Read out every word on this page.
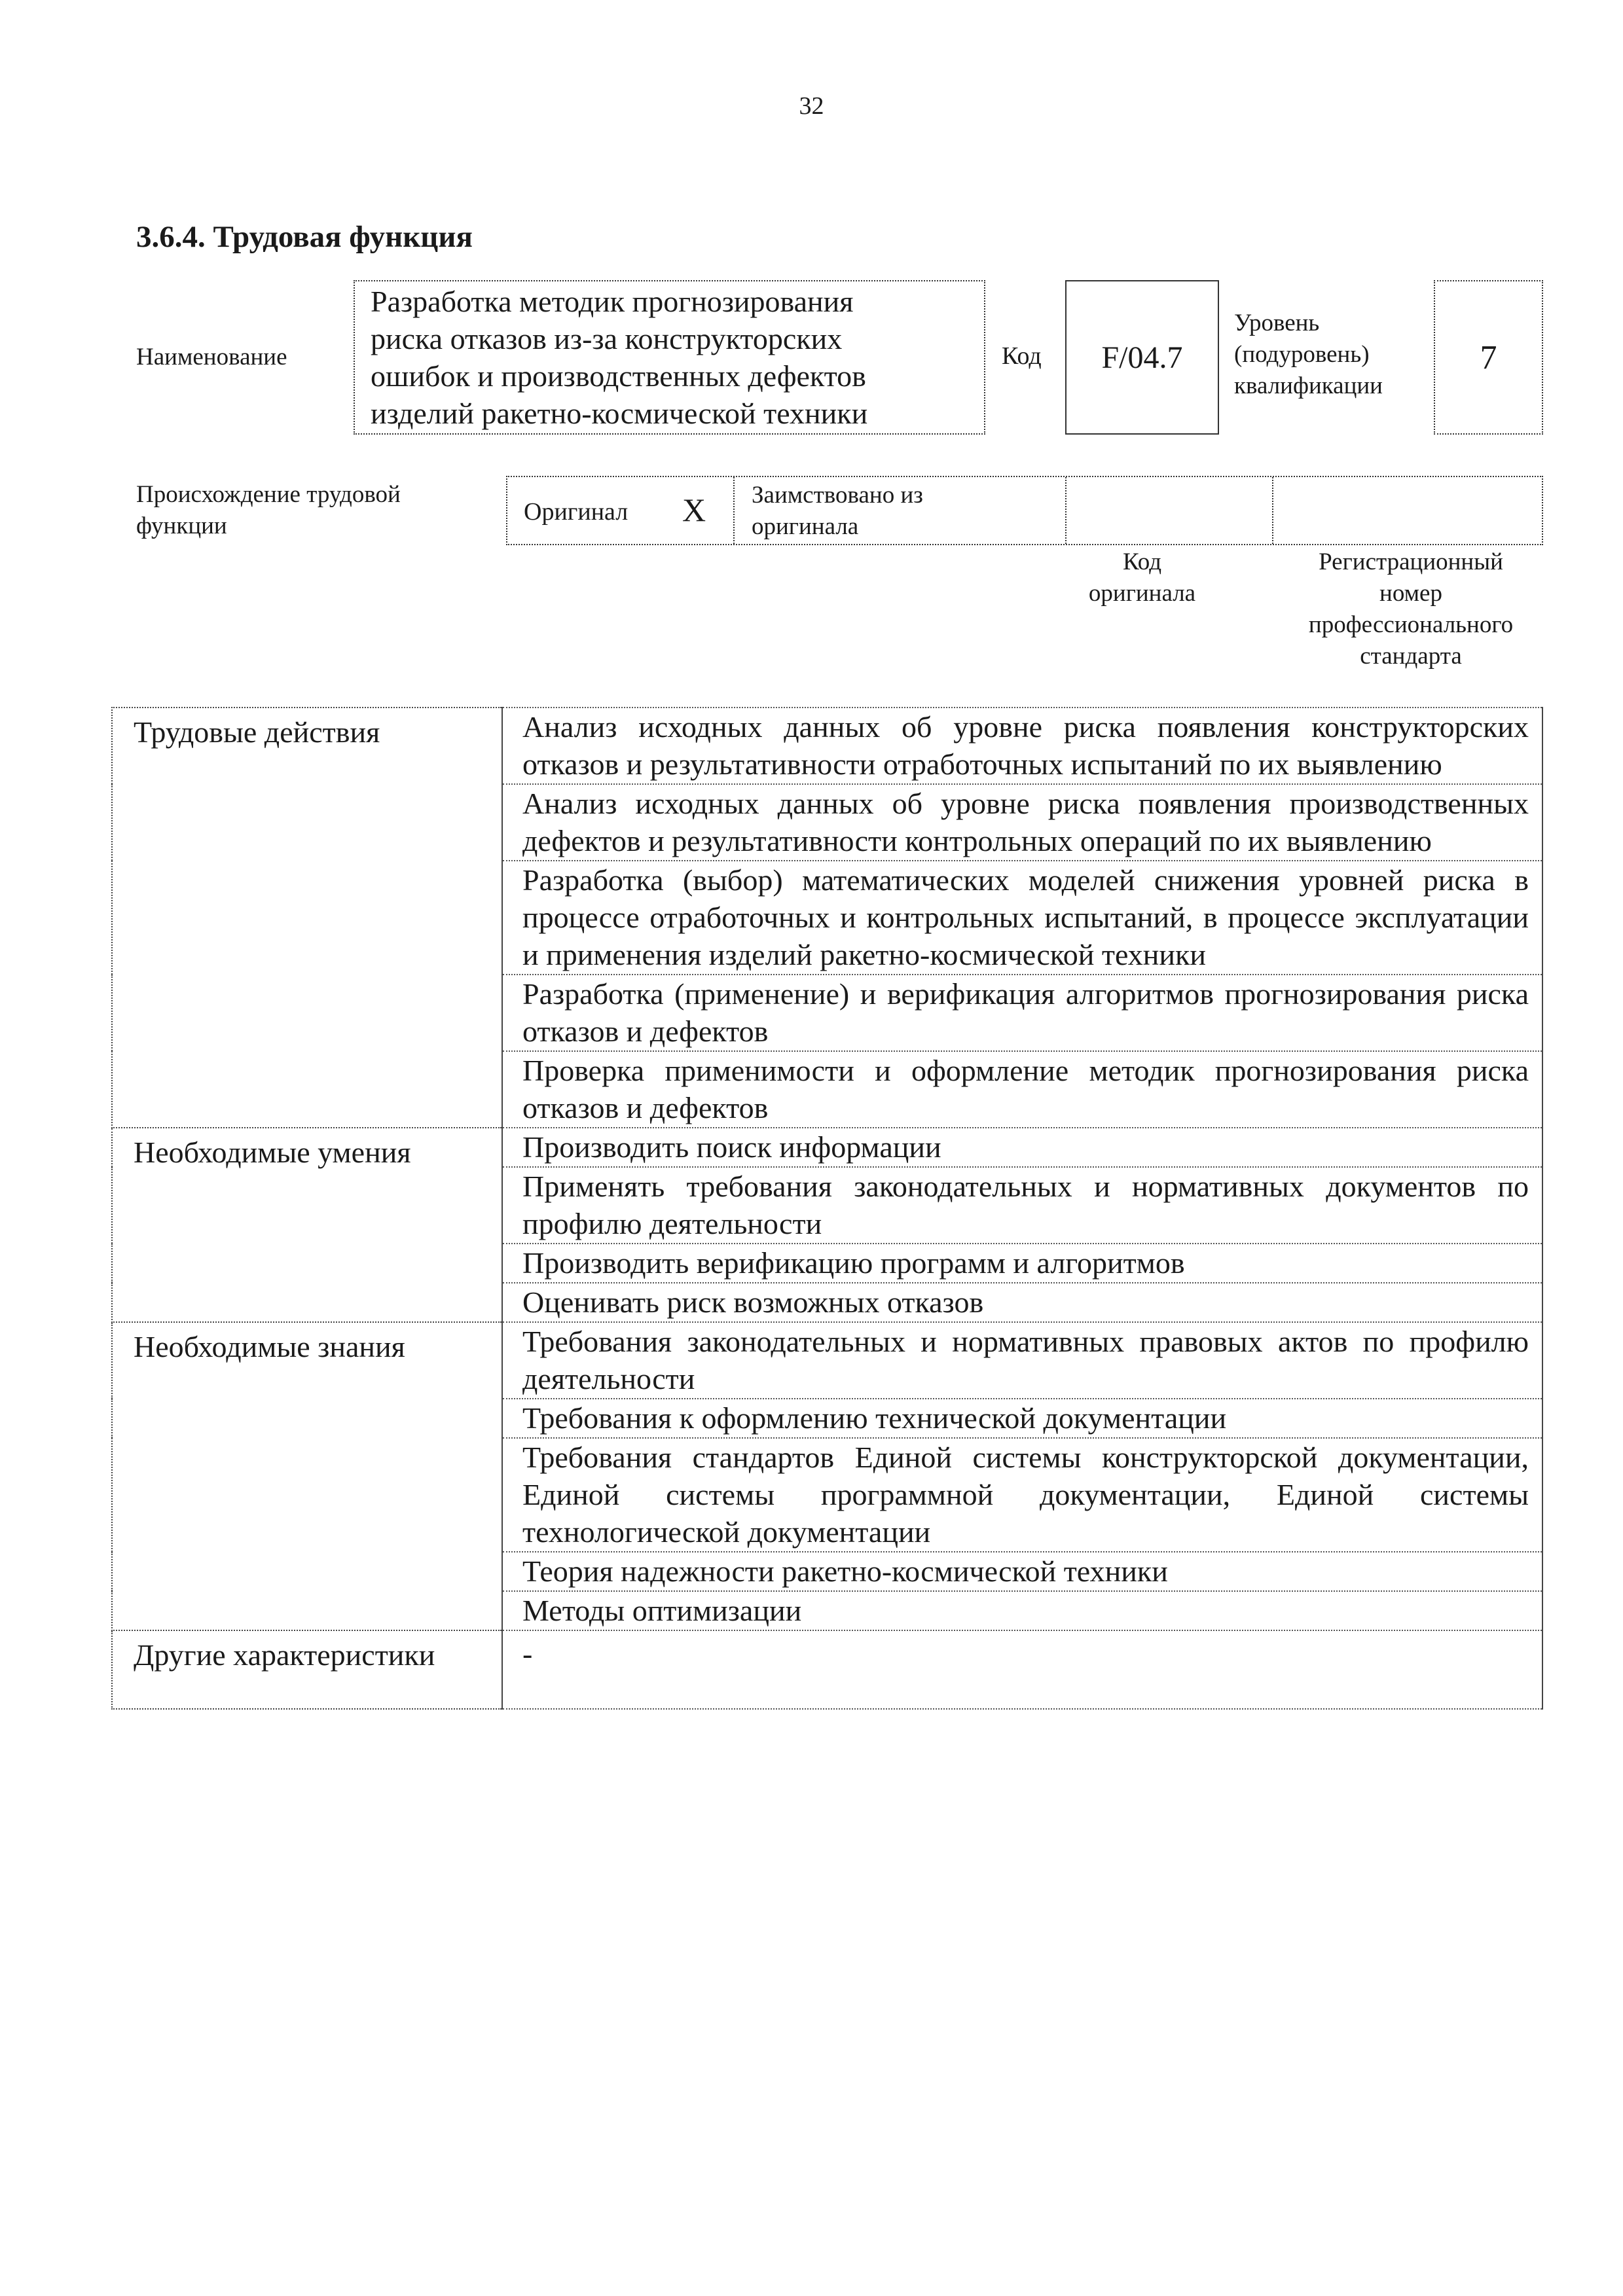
32
3.6.4. Трудовая функция
Наименование
Разработка методик прогнозирования
риска отказов из-за конструкторских
ошибок и производственных дефектов
изделий ракетно-космической техники
Код	F/04.7
Уровень
(подуровень)
квалификации
7
Происхождение трудовой
функции
Оригинал X Заимствовано из
оригинала
Код
оригинала
Регистрационный
номер
профессионального
стандарта
Трудовые действия	Анализ исходных данных об уровне риска появления конструкторских отказов и результативности отработочных испытаний по их выявлению
	Анализ исходных данных об уровне риска появления производственных дефектов и результативности контрольных операций по их выявлению
	Разработка (выбор) математических моделей снижения уровней риска в процессе отработочных и контрольных испытаний, в процессе эксплуатации и применения изделий ракетно-космической техники
	Разработка (применение) и верификация алгоритмов прогнозирования риска отказов и дефектов
	Проверка применимости и оформление методик прогнозирования риска отказов и дефектов
Необходимые умения	Производить поиск информации
	Применять требования законодательных и нормативных документов по профилю деятельности
	Производить верификацию программ и алгоритмов
	Оценивать риск возможных отказов
Необходимые знания	Требования законодательных и нормативных правовых актов по профилю деятельности
	Требования к оформлению технической документации
	Требования стандартов Единой системы конструкторской документации, Единой системы программной документации, Единой системы технологической документации
	Теория надежности ракетно-космической техники
	Методы оптимизации
Другие характеристики	-
